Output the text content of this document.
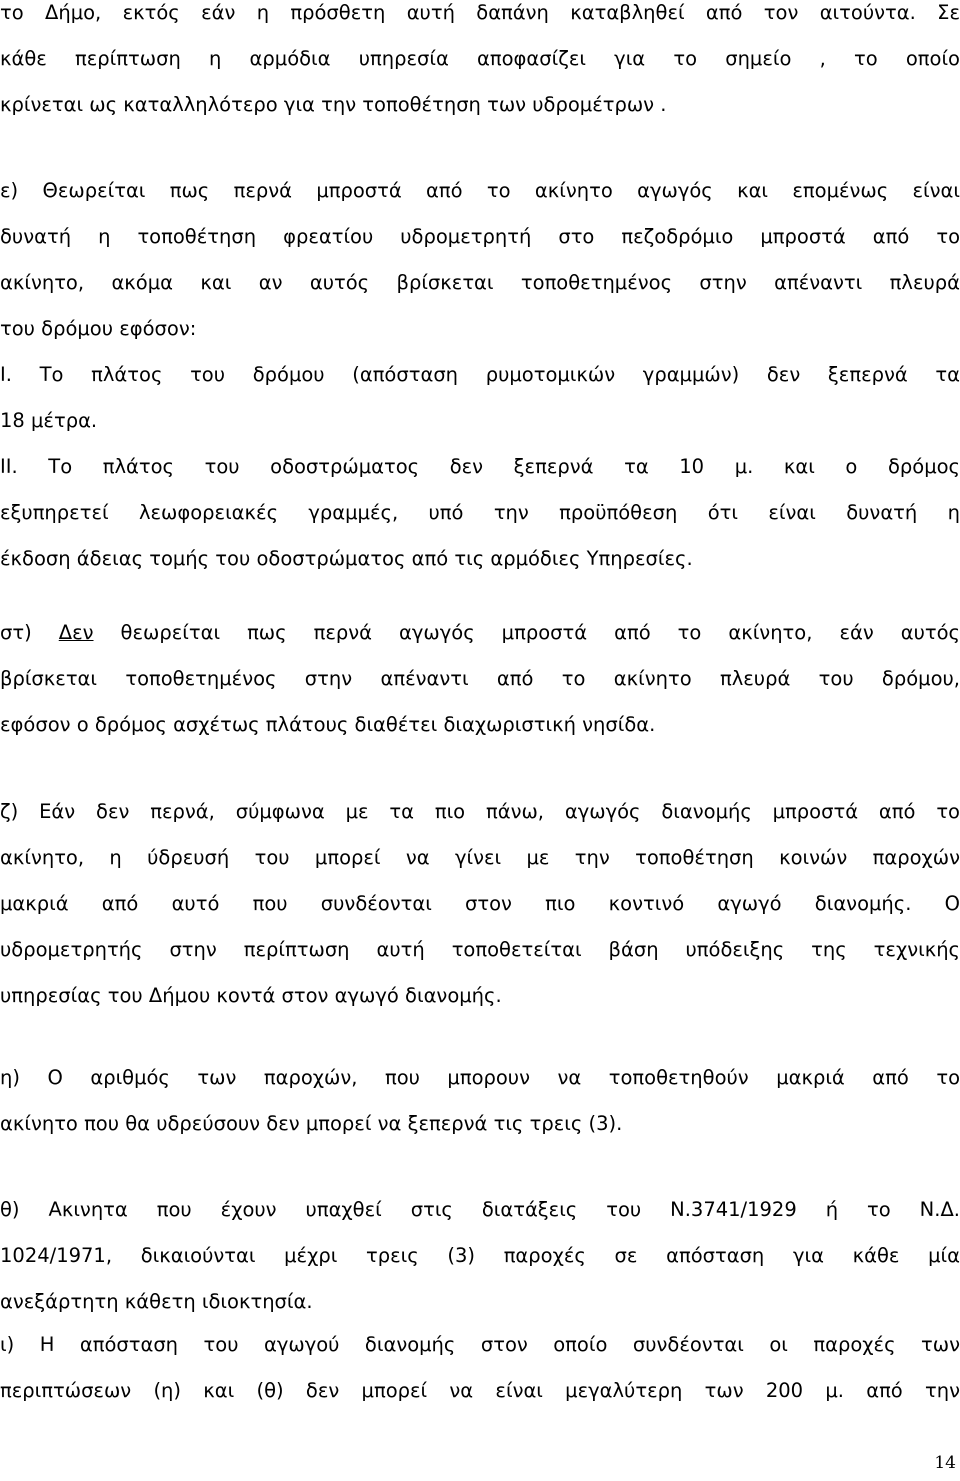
το Δήμο, εκτός εάν η πρόσθετη αυτή δαπάνη καταβληθεί από τον αιτούντα. Σε
κάθε περίπτωση η αρμόδια υπηρεσία αποφασίζει για το σημείο , το οποίο
κρίνεται ως καταλληλότερο για την τοποθέτηση των υδρομέτρων .
ε) Θεωρείται πως περνά μπροστά από το ακίνητο αγωγός και επομένως είναι
δυνατή η τοποθέτηση φρεατίου υδρομετρητή στο πεζοδρόμιο μπροστά από το
ακίνητο, ακόμα και αν αυτός βρίσκεται τοποθετημένος στην απέναντι πλευρά
του δρόμου εφόσον:
Ι. Το πλάτος του δρόμου (απόσταση ρυμοτομικών γραμμών) δεν ξεπερνά τα
18 μέτρα.
ΙΙ. Το πλάτος του οδοστρώματος δεν ξεπερνά τα 10 μ. και ο δρόμος
εξυπηρετεί λεωφορειακές γραμμές, υπό την προϋπόθεση ότι είναι δυνατή η
έκδοση άδειας τομής του οδοστρώματος από τις αρμόδιες Υπηρεσίες.
στ) Δεν θεωρείται πως περνά αγωγός μπροστά από το ακίνητο, εάν αυτός
βρίσκεται τοποθετημένος στην απέναντι από το ακίνητο πλευρά του δρόμου,
εφόσον ο δρόμος ασχέτως πλάτους διαθέτει διαχωριστική νησίδα.
ζ) Εάν δεν περνά, σύμφωνα με τα πιο πάνω, αγωγός διανομής μπροστά από το
ακίνητο, η ύδρευσή του μπορεί να γίνει με την τοποθέτηση κοινών παροχών
μακριά από αυτό που συνδέονται στον πιο κοντινό αγωγό διανομής. Ο
υδρομετρητής στην περίπτωση αυτή τοποθετείται βάση υπόδειξης της τεχνικής
υπηρεσίας του Δήμου κοντά στον αγωγό διανομής.
η) Ο αριθμός των παροχών, που μπορουν να τοποθετηθούν μακριά από το
ακίνητο που θα υδρεύσουν δεν μπορεί να ξεπερνά τις τρεις (3).
θ) Ακινητα που έχουν υπαχθεί στις διατάξεις του Ν.3741/1929 ή το Ν.Δ.
1024/1971, δικαιούνται μέχρι τρεις (3) παροχές σε απόσταση για κάθε μία
ανεξάρτητη κάθετη ιδιοκτησία.
ι) Η απόσταση του αγωγού διανομής στον οποίο συνδέονται οι παροχές των
περιπτώσεων (η) και (θ) δεν μπορεί να είναι μεγαλύτερη των 200 μ. από την
14
